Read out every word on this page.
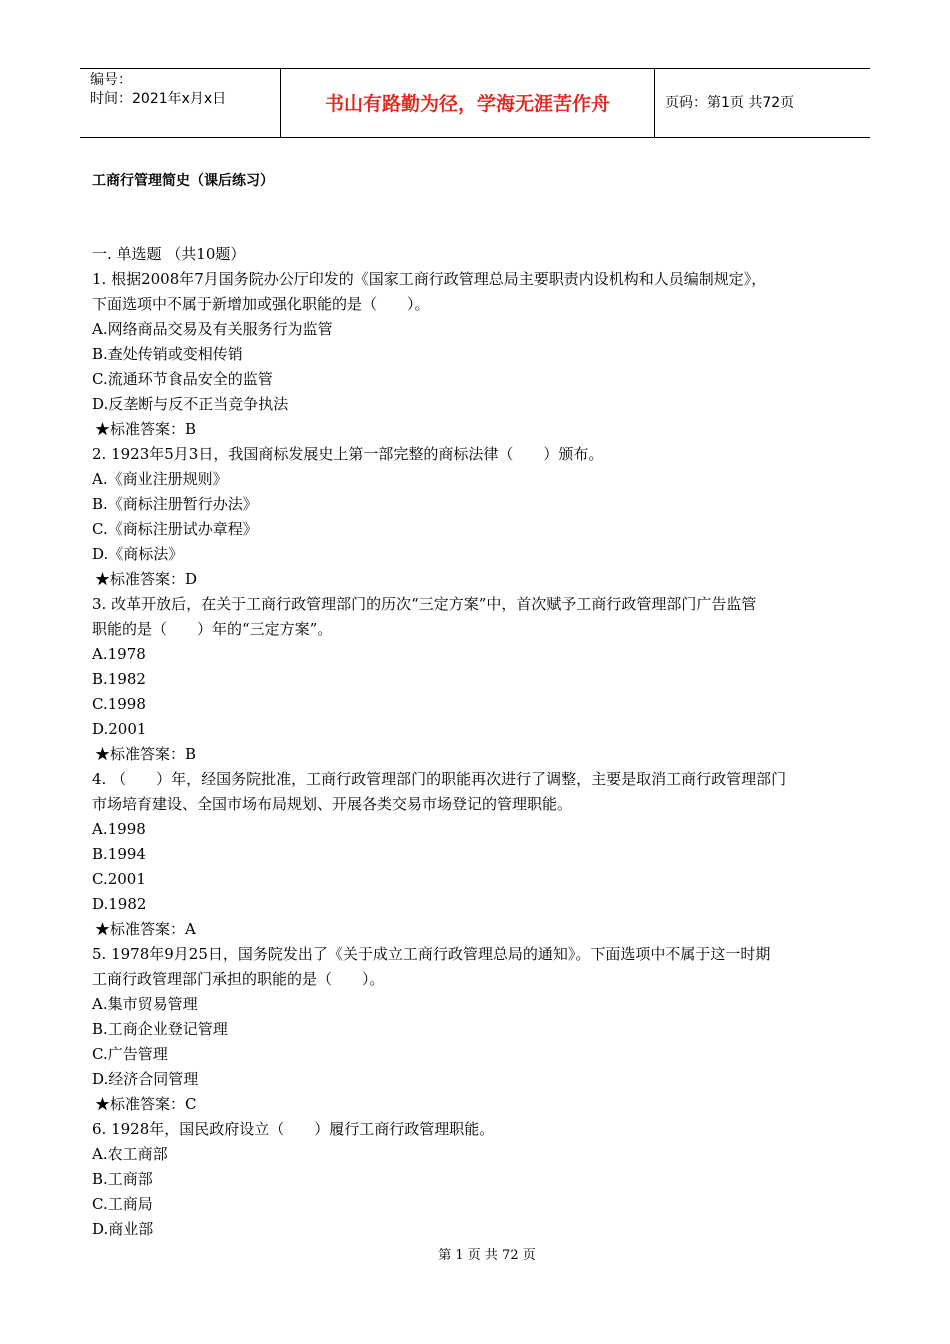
编号：
时间：2021年x月x日	书山有路勤为径，学海无涯苦作舟	页码：第1页 共72页
工商行管理简史（课后练习）
一. 单选题 （共10题）
1. 根据2008年7月国务院办公厅印发的《国家工商行政管理总局主要职责内设机构和人员编制规定》，
下面选项中不属于新增加或强化职能的是（　　）。
A.网络商品交易及有关服务行为监管
B.查处传销或变相传销
C.流通环节食品安全的监管
D.反垄断与反不正当竞争执法
★标准答案：B
2. 1923年5月3日，我国商标发展史上第一部完整的商标法律（　　）颁布。
A.《商业注册规则》
B.《商标注册暂行办法》
C.《商标注册试办章程》
D.《商标法》
★标准答案：D
3. 改革开放后，在关于工商行政管理部门的历次“三定方案”中，首次赋予工商行政管理部门广告监管
职能的是（　　）年的“三定方案”。
A.1978
B.1982
C.1998
D.2001
★标准答案：B
4. （　　）年，经国务院批准，工商行政管理部门的职能再次进行了调整，主要是取消工商行政管理部门
市场培育建设、全国市场布局规划、开展各类交易市场登记的管理职能。
A.1998
B.1994
C.2001
D.1982
★标准答案：A
5. 1978年9月25日，国务院发出了《关于成立工商行政管理总局的通知》。下面选项中不属于这一时期
工商行政管理部门承担的职能的是（　　）。
A.集市贸易管理
B.工商企业登记管理
C.广告管理
D.经济合同管理
★标准答案：C
6. 1928年，国民政府设立（　　）履行工商行政管理职能。
A.农工商部
B.工商部
C.工商局
D.商业部
第 1 页 共 72 页
